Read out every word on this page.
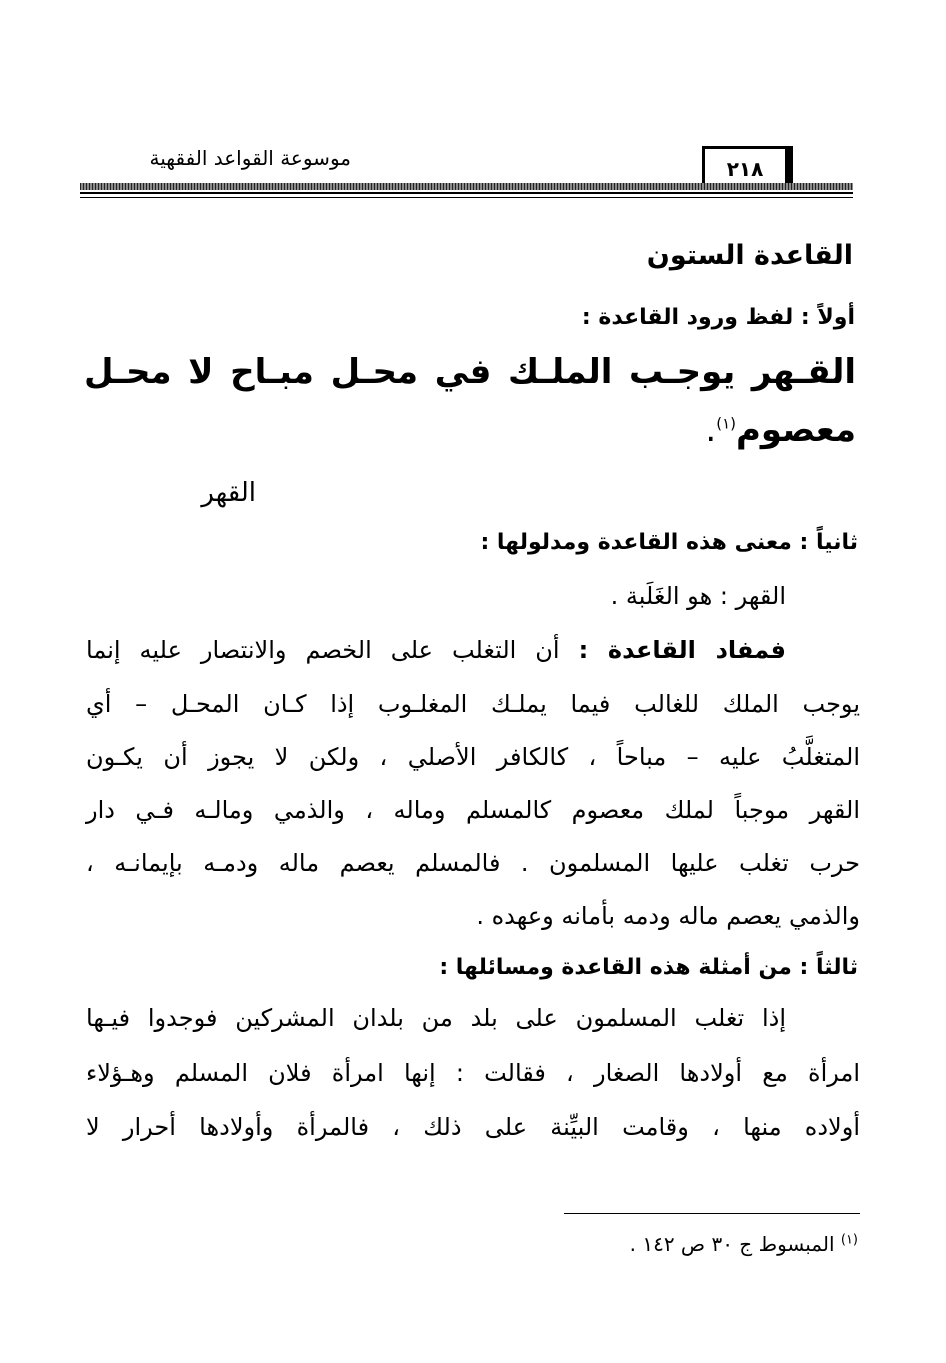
موسوعة القواعد الفقهية	٢١٨
القاعدة الستون
أولاً : لفظ ورود القاعدة :
القـهر يوجـب الملـك في محـل مبـاح لا محـل
معصوم$^{(١)}$.
القهر
ثانياً : معنى هذه القاعدة ومدلولها :
القهر : هو الغَلَبة .
فمفاد القاعدة : أن التغلب على الخصم والانتصار عليه إنما
يوجب الملك للغالب فيما يملـك المغلـوب إذا كـان المحـل – أي
المتغلَّبُ عليه – مباحاً ، كالكافر الأصلي ، ولكن لا يجوز أن يكـون
القهر موجباً لملك معصوم كالمسلم وماله ، والذمي ومالـه فـي دار
حرب تغلب عليها المسلمون . فالمسلم يعصم ماله ودمـه بإيمانـه ،
والذمي يعصم ماله ودمه بأمانه وعهده .
ثالثاً : من أمثلة هذه القاعدة ومسائلها :
إذا تغلب المسلمون على بلد من بلدان المشركين فوجدوا فيـها
امرأة مع أولادها الصغار ، فقالت : إنها امرأة فلان المسلم وهـؤلاء
أولاده منها ، وقامت البيِّنة على ذلك ، فالمرأة وأولادها أحرار لا
$^{(١)}$ المبسوط ج ٣٠ ص ١٤٢ .
